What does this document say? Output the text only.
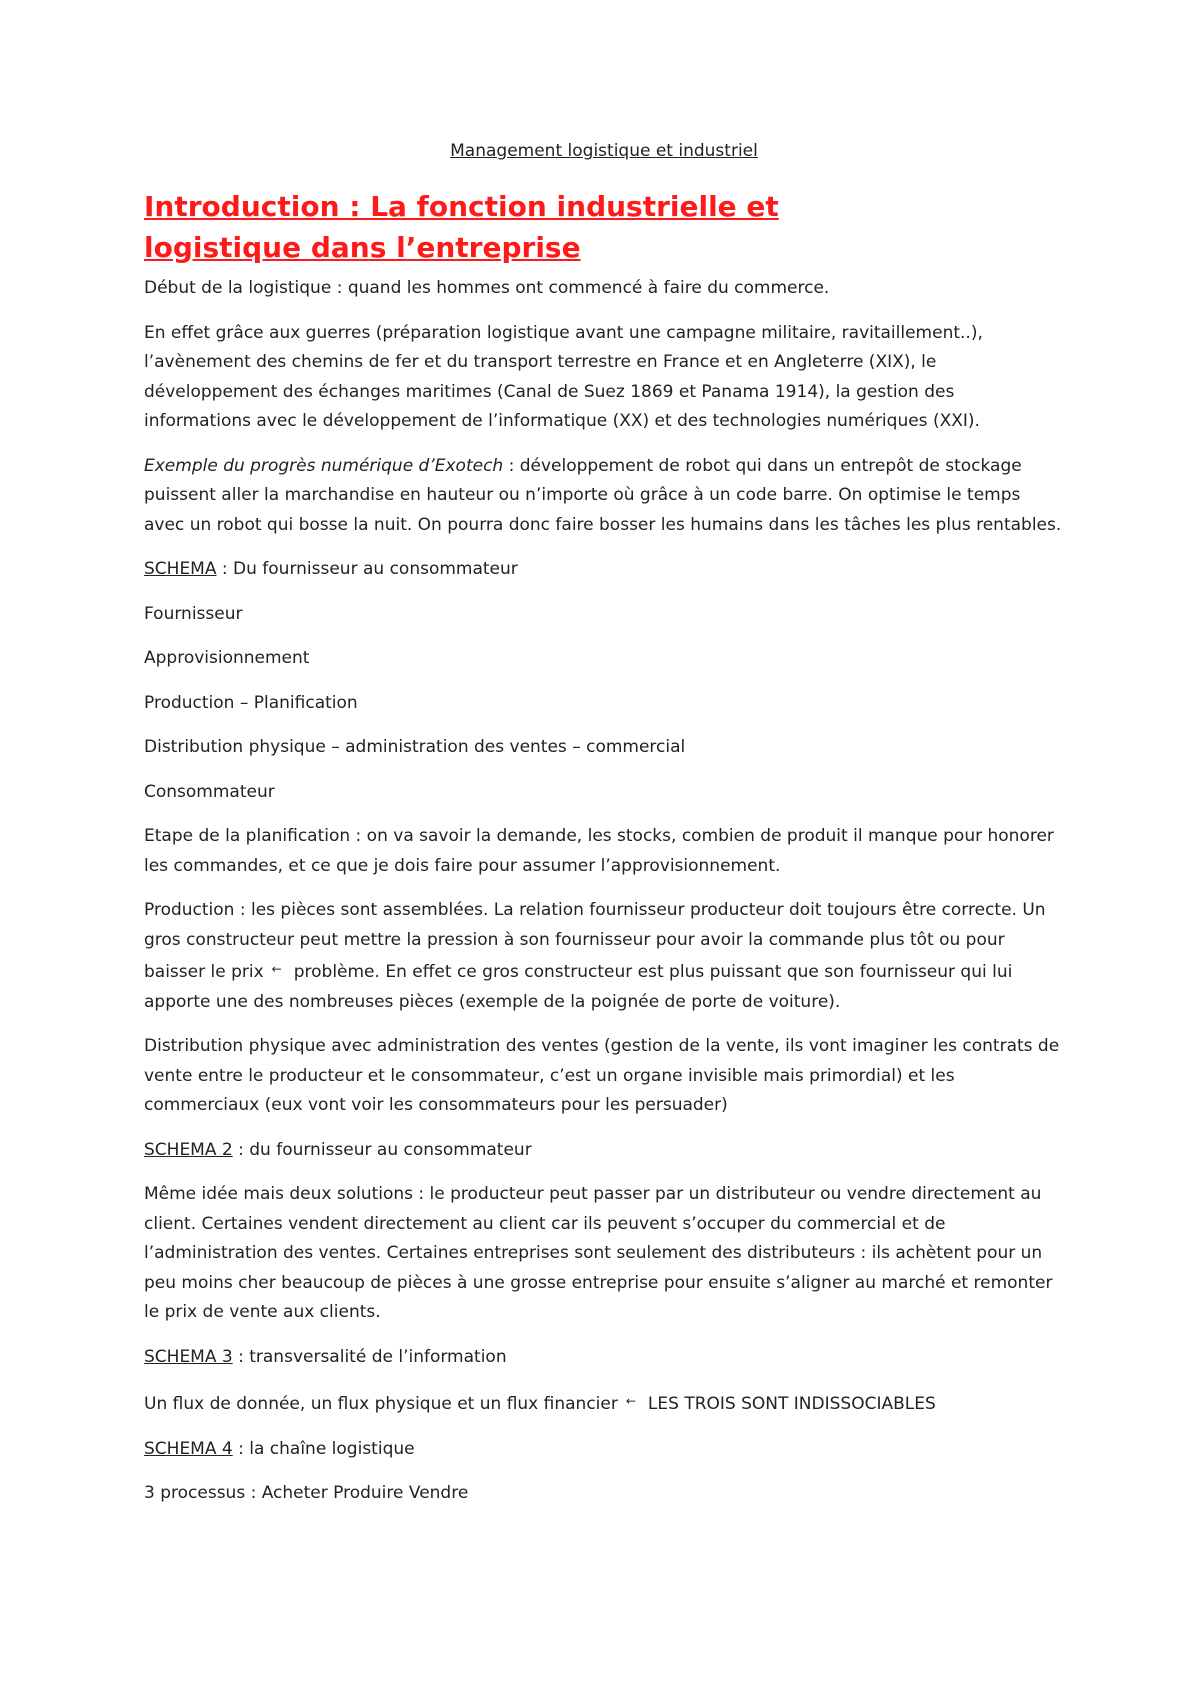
Management logistique et industriel
Introduction : La fonction industrielle et
logistique dans l’entreprise

Début de la logistique : quand les hommes ont commencé à faire du commerce.

En effet grâce aux guerres (préparation logistique avant une campagne militaire, ravitaillement..), l’avènement des chemins de fer et du transport terrestre en France et en Angleterre (XIX), le développement des échanges maritimes (Canal de Suez 1869 et Panama 1914), la gestion des informations avec le développement de l’informatique (XX) et des technologies numériques (XXI).

Exemple du progrès numérique d’Exotech : développement de robot qui dans un entrepôt de stockage puissent aller la marchandise en hauteur ou n’importe où grâce à un code barre. On optimise le temps avec un robot qui bosse la nuit. On pourra donc faire bosser les humains dans les tâches les plus rentables.

SCHEMA : Du fournisseur au consommateur

Fournisseur

Approvisionnement

Production – Planification

Distribution physique – administration des ventes – commercial

Consommateur

Etape de la planification : on va savoir la demande, les stocks, combien de produit il manque pour honorer les commandes, et ce que je dois faire pour assumer l’approvisionnement.

Production : les pièces sont assemblées. La relation fournisseur producteur doit toujours être correcte. Un gros constructeur peut mettre la pression à son fournisseur pour avoir la commande plus tôt ou pour baisser le prix ← problème. En effet ce gros constructeur est plus puissant que son fournisseur qui lui apporte une des nombreuses pièces (exemple de la poignée de porte de voiture).

Distribution physique avec administration des ventes (gestion de la vente, ils vont imaginer les contrats de vente entre le producteur et le consommateur, c’est un organe invisible mais primordial) et les commerciaux (eux vont voir les consommateurs pour les persuader)

SCHEMA 2 : du fournisseur au consommateur

Même idée mais deux solutions : le producteur peut passer par un distributeur ou vendre directement au client. Certaines vendent directement au client car ils peuvent s’occuper du commercial et de l’administration des ventes. Certaines entreprises sont seulement des distributeurs : ils achètent pour un peu moins cher beaucoup de pièces à une grosse entreprise pour ensuite s’aligner au marché et remonter le prix de vente aux clients.

SCHEMA 3 : transversalité de l’information

Un flux de donnée, un flux physique et un flux financier ← LES TROIS SONT INDISSOCIABLES

SCHEMA 4 : la chaîne logistique

3 processus : Acheter Produire Vendre
